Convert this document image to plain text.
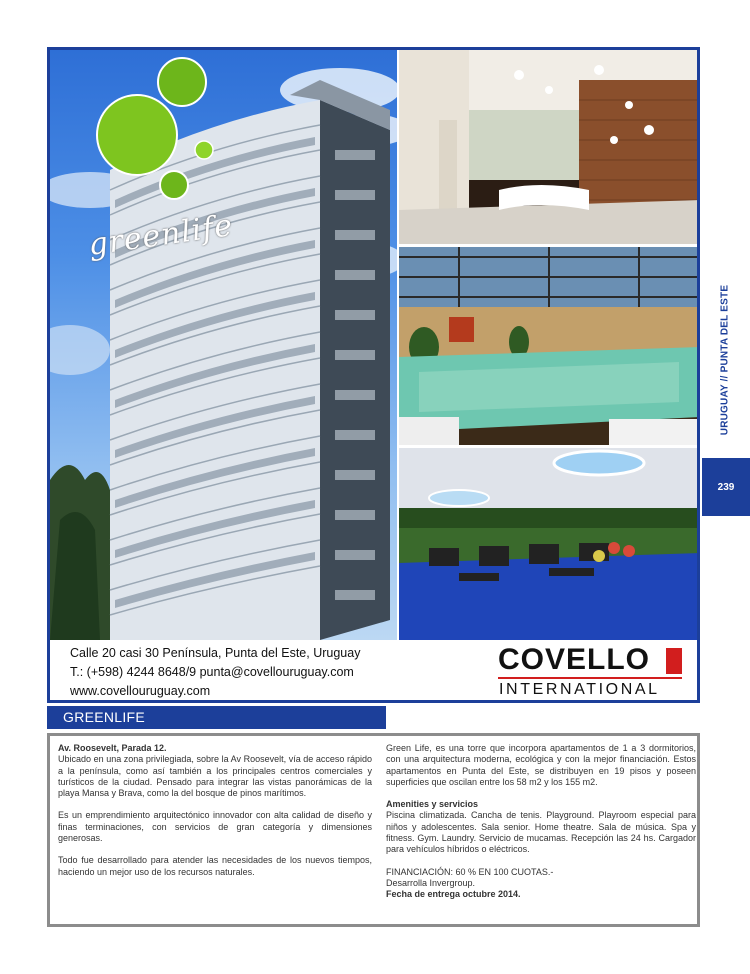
greenlife
Calle 20 casi 30 Península, Punta del Este, Uruguay
T.: (+598) 4244 8648/9 punta@covellouruguay.com
www.covellouruguay.com
COVELLO
INTERNATIONAL
URUGUAY // PUNTA DEL ESTE
239
GREENLIFE

Av. Roosevelt, Parada 12.

Ubicado en una zona privilegiada, sobre la Av Roosevelt, vía de acceso rápido a la península, como así también a los principales centros comerciales y turísticos de la ciudad. Pensado para integrar las vistas panorámicas de la playa Mansa y Brava, como la del bosque de pinos marítimos.

Es un emprendimiento arquitectónico innovador con alta calidad de diseño y finas terminaciones, con servicios de gran categoría y dimensiones generosas.

Todo fue desarrollado para atender las necesidades de los nuevos tiempos, haciendo un mejor uso de los recursos naturales.

Green Life, es una torre que incorpora apartamentos de 1 a 3 dormitorios, con una arquitectura moderna, ecológica y con la mejor financiación. Estos apartamentos en Punta del Este, se distribuyen en 19 pisos y poseen superficies que oscilan entre los 58 m2 y los 155 m2.

Amenities y servicios

Piscina climatizada. Cancha de tenis. Playground. Playroom especial para niños y adolescentes. Sala senior. Home theatre. Sala de música. Spa y fitness. Gym. Laundry. Servicio de mucamas. Recepción las 24 hs. Cargador para vehículos híbridos o eléctricos.

FINANCIACIÓN: 60 % EN 100 CUOTAS.-

Desarrolla Invergroup.

Fecha de entrega octubre 2014.
